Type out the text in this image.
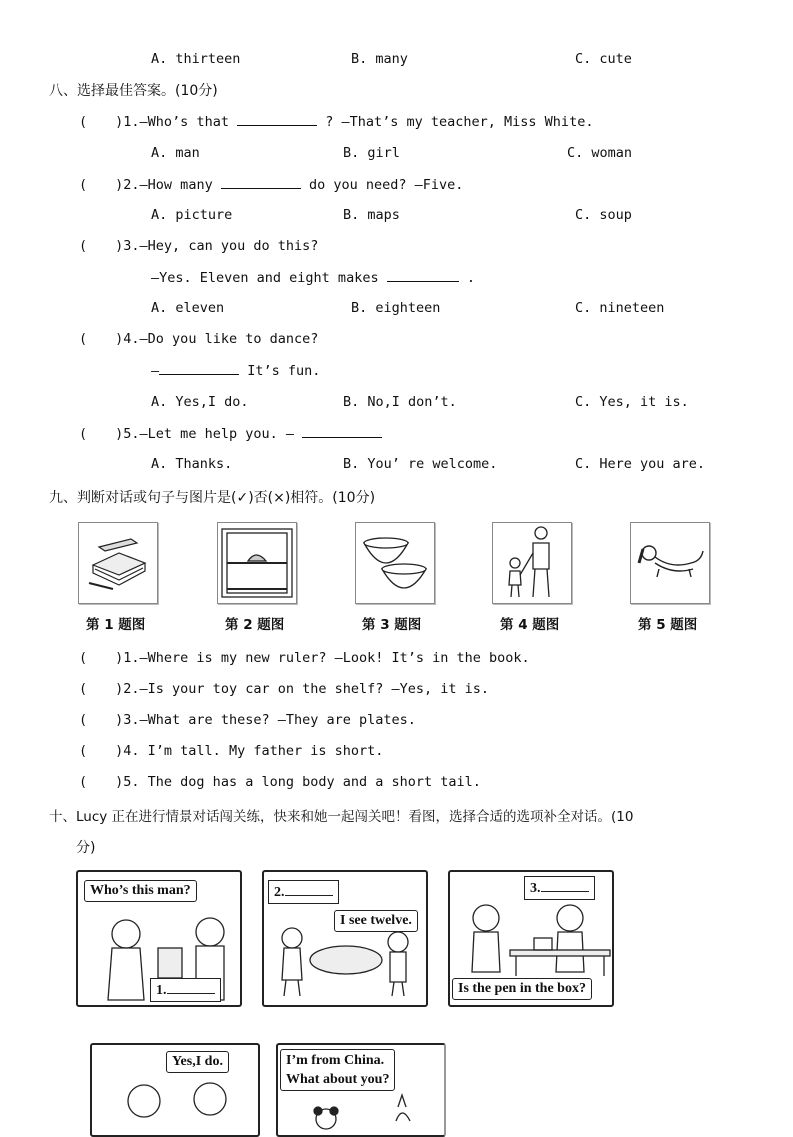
A. thirteen	B. many	C. cute
八、选择最佳答案。(10分)
( )1.—Who’s that	? —That’s my teacher, Miss White.
A. man	B. girl	C. woman
( )2.—How many	do you need? —Five.
A. picture	B. maps	C. soup
( )3.—Hey, can you do this?
—Yes. Eleven and eight makes	.
A. eleven	B. eighteen	C. nineteen
( )4.—Do you like to dance?
—	It’s fun.
A. Yes,I do.	B. No,I don’t.	C. Yes, it is.
( )5.—Let me help you. —
A. Thanks.	B. You’ re welcome.	C. Here you are.
九、判断对话或句子与图片是(✓)否(×)相符。(10分)
第 1 题图	第 2 题图	第 3 题图	第 4 题图	第 5 题图
( )1.—Where is my new ruler? —Look! It’s in the book.
( )2.—Is your toy car on the shelf? —Yes, it is.
( )3.—What are these? —They are plates.
( )4. I’m tall. My father is short.
( )5. The dog has a long body and a short tail.
十、Lucy 正在进行情景对话闯关练，快来和她一起闯关吧！看图，选择合适的选项补全对话。(10
分)
Who’s this man?
1.
2.
I see twelve.
3.
Is the pen in the box?
Yes,I do.	I’m from China.
What about you?
